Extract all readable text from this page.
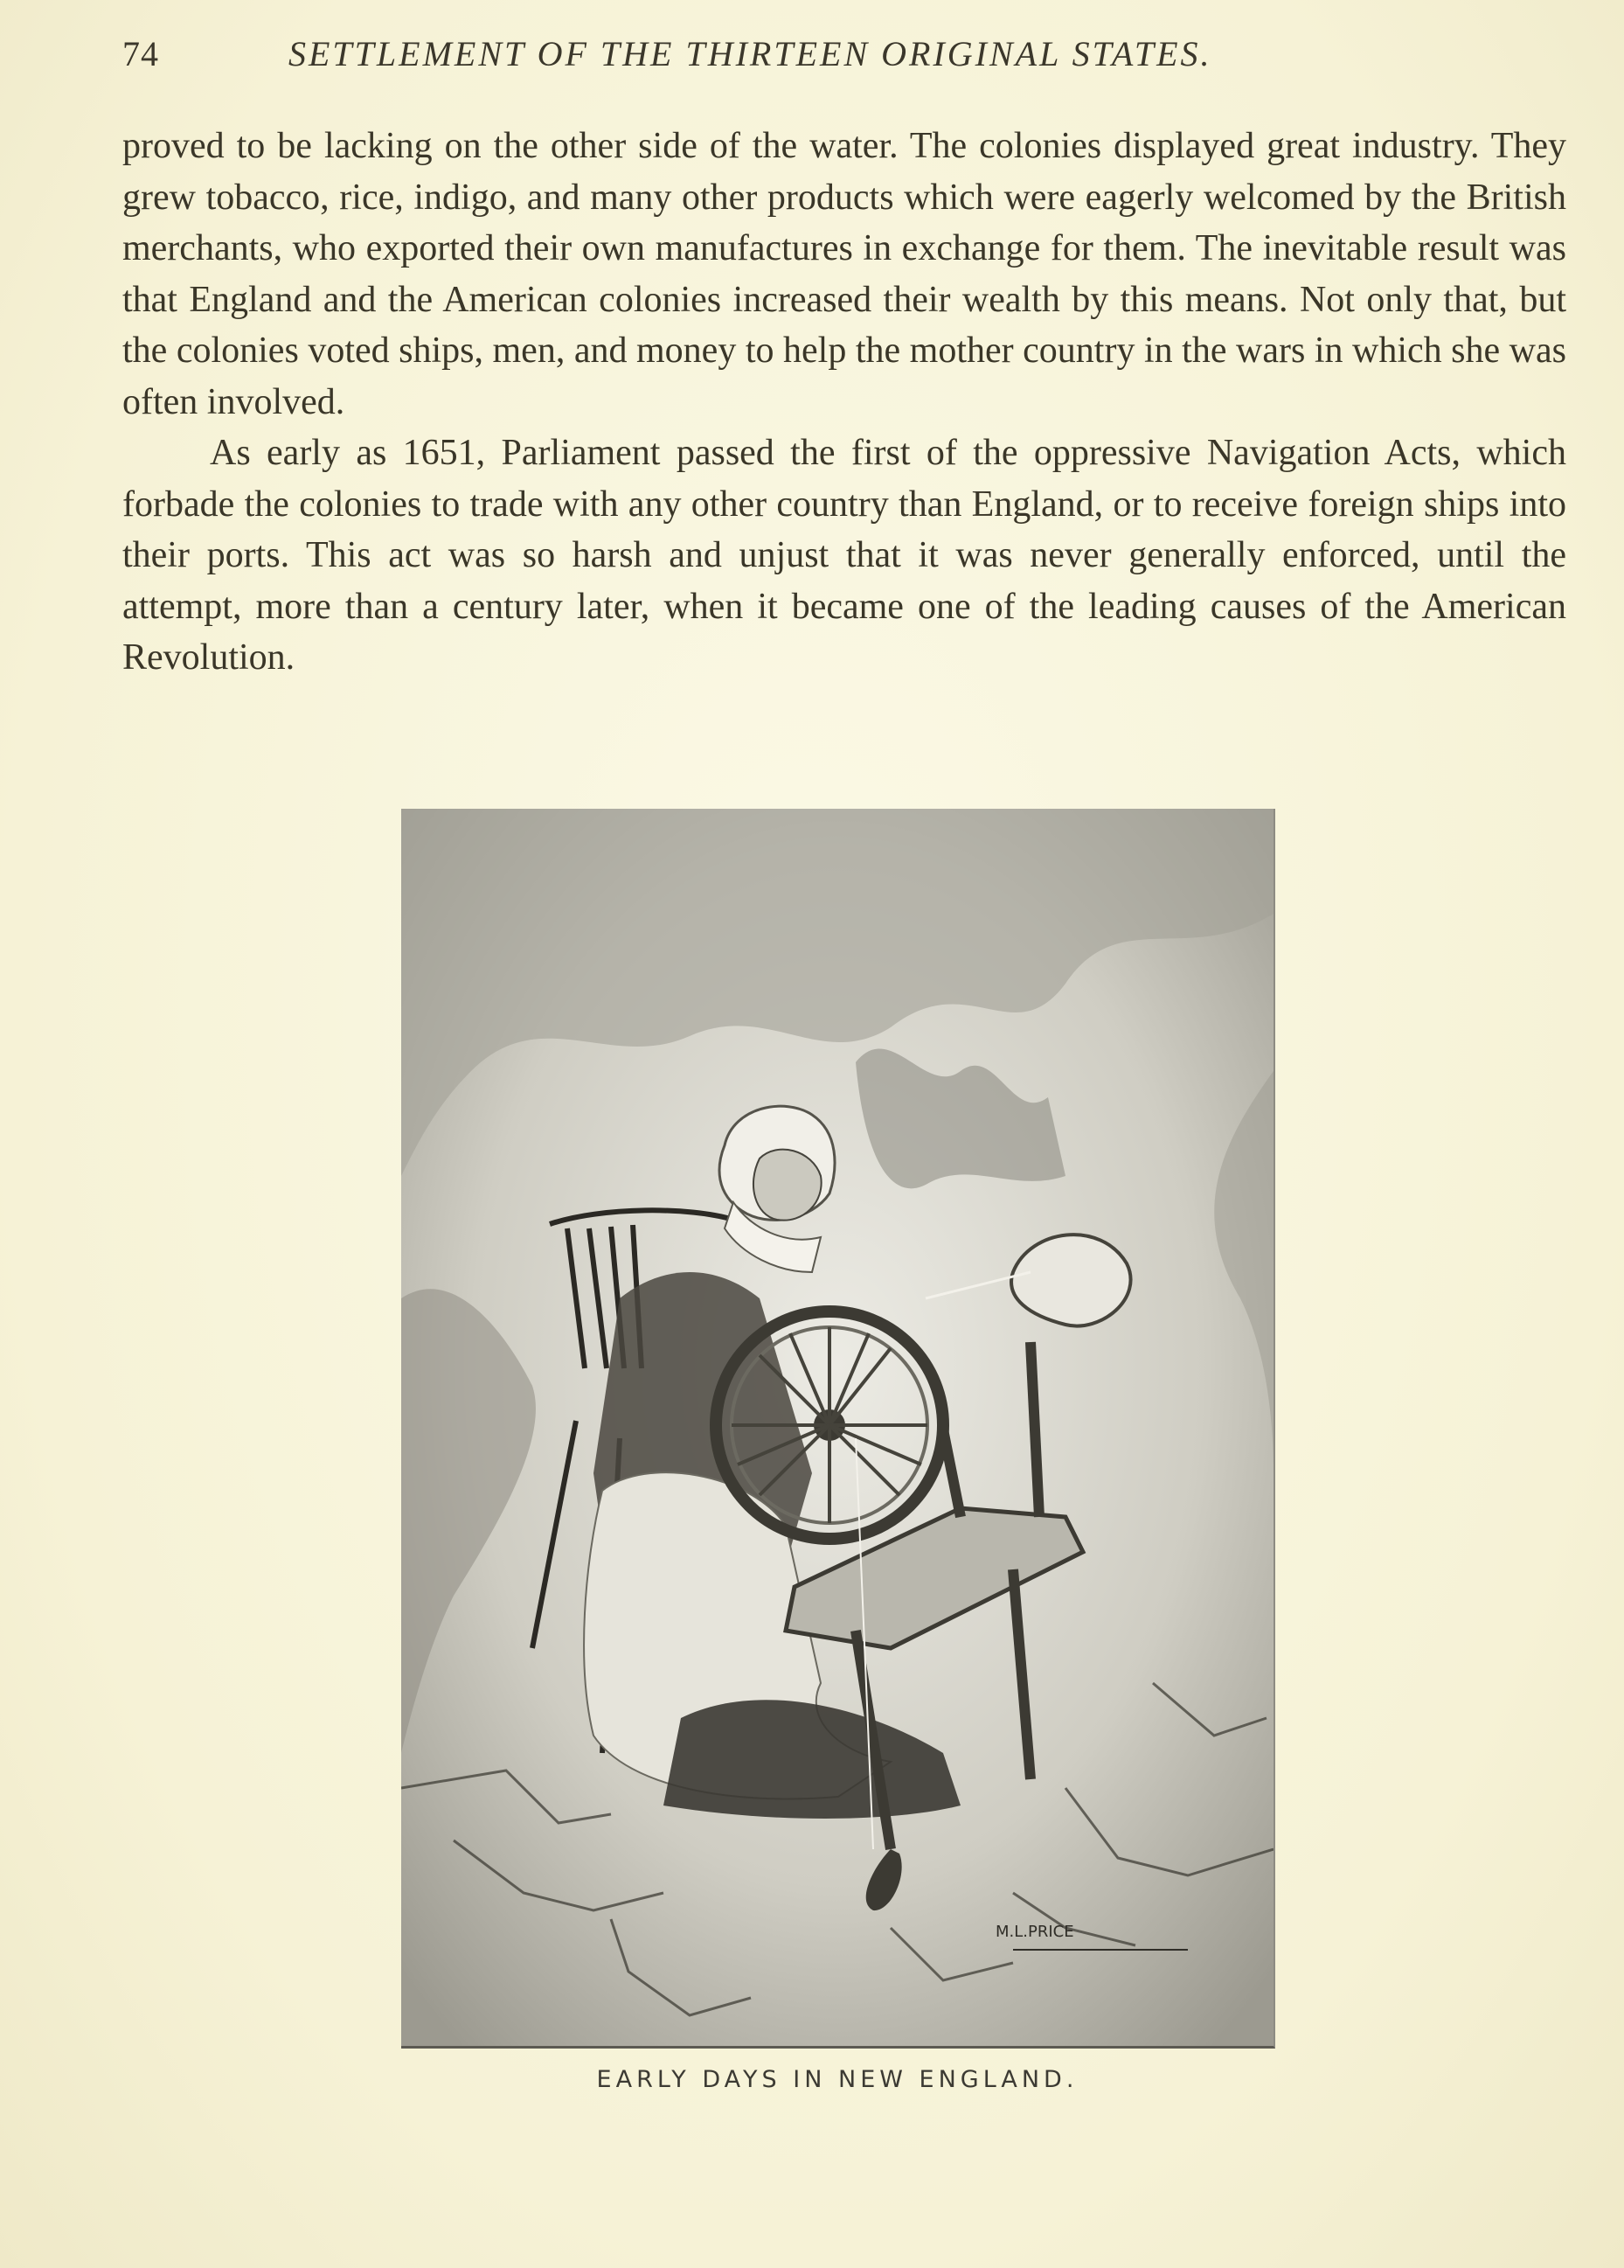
74	SETTLEMENT OF THE THIRTEEN ORIGINAL STATES.

proved to be lacking on the other side of the water. The colonies displayed great industry. They grew tobacco, rice, indigo, and many other products which were eagerly welcomed by the British merchants, who exported their own manufactures in exchange for them. The inevitable result was that England and the American colonies increased their wealth by this means. Not only that, but the colonies voted ships, men, and money to help the mother country in the wars in which she was often involved.

As early as 1651, Parliament passed the first of the oppressive Navigation Acts, which forbade the colonies to trade with any other country than England, or to receive foreign ships into their ports. This act was so harsh and unjust that it was never generally enforced, until the attempt, more than a century later, when it became one of the leading causes of the American Revolution.

M.L.PRICE
EARLY DAYS IN NEW ENGLAND.
